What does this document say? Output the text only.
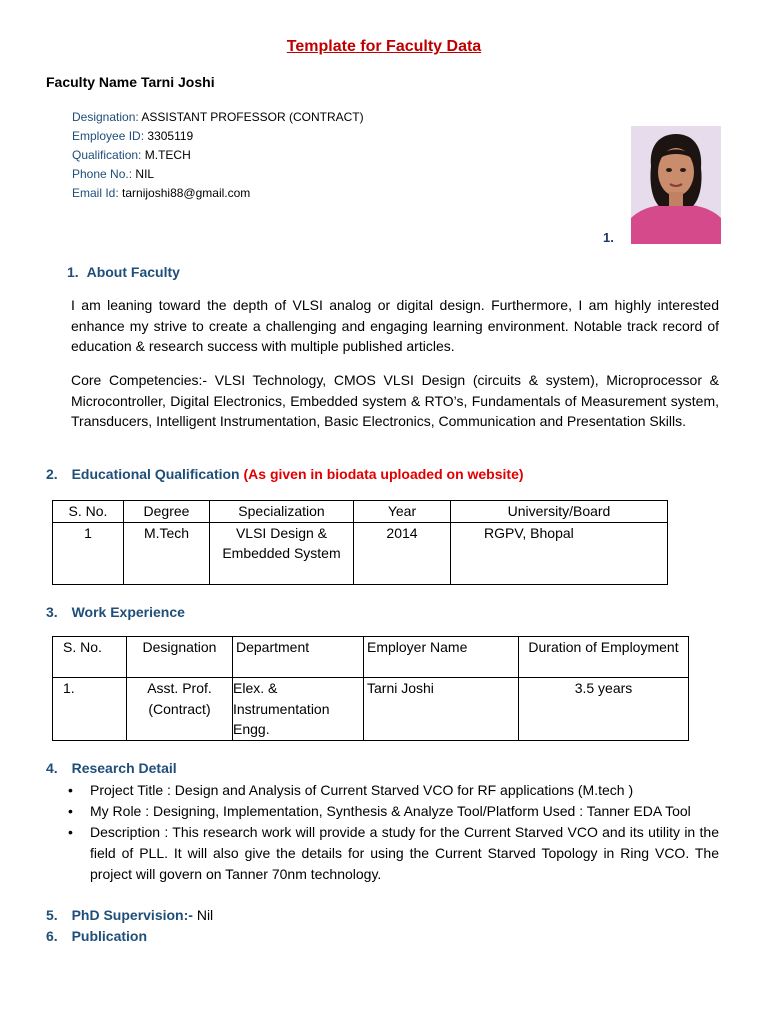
Template for Faculty Data
Faculty Name Tarni Joshi
Designation: ASSISTANT PROFESSOR (CONTRACT)
Employee ID: 3305119
Qualification: M.TECH
Phone No.: NIL
Email Id: tarnijoshi88@gmail.com
1.
1. About Faculty
I am leaning toward the depth of VLSI analog or digital design. Furthermore, I am highly interested enhance my strive to create a challenging and engaging learning environment. Notable track record of education & research success with multiple published articles.
Core Competencies:- VLSI Technology, CMOS VLSI Design (circuits & system), Microprocessor & Microcontroller, Digital Electronics, Embedded system & RTO’s, Fundamentals of Measurement system, Transducers, Intelligent Instrumentation, Basic Electronics, Communication and Presentation Skills.
2. Educational Qualification (As given in biodata uploaded on website)
S. No.	Degree	Specialization	Year	University/Board
1	M.Tech	VLSI Design & Embedded System	2014	RGPV, Bhopal
3. Work Experience
S. No.	Designation	Department	Employer Name	Duration of Employment
1.	Asst. Prof. (Contract)	Elex. & Instrumentation Engg.	Tarni Joshi	3.5 years
4. Research Detail
• Project Title : Design and Analysis of Current Starved VCO for RF applications (M.tech )
• My Role : Designing, Implementation, Synthesis & Analyze Tool/Platform Used : Tanner EDA Tool
• Description : This research work will provide a study for the Current Starved VCO and its utility in the field of PLL. It will also give the details for using the Current Starved Topology in Ring VCO. The project will govern on Tanner 70nm technology.
5. PhD Supervision:- Nil
6. Publication
